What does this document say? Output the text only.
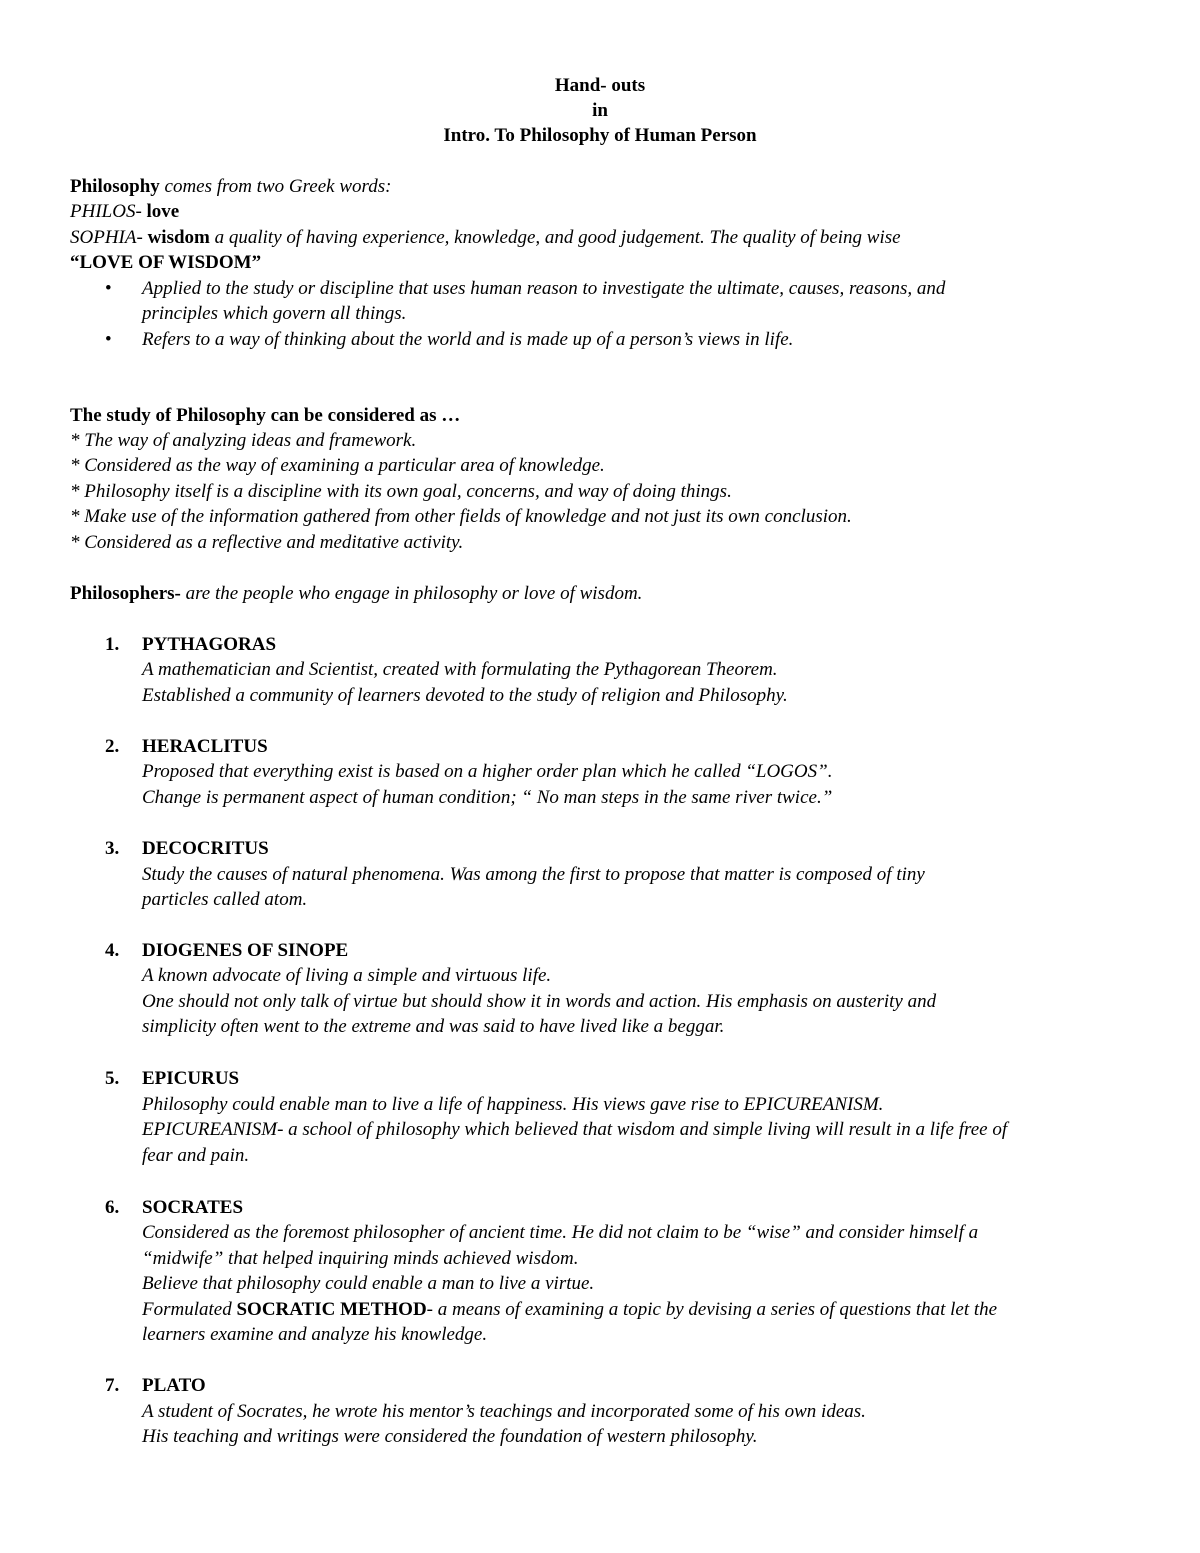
Hand- outs
in
Intro. To Philosophy of Human Person
Philosophy comes from two Greek words:
PHILOS- love
SOPHIA- wisdom a quality of having experience, knowledge, and good judgement. The quality of being wise
“LOVE OF WISDOM”
• Applied to the study or discipline that uses human reason to investigate the ultimate, causes, reasons, and
principles which govern all things.
• Refers to a way of thinking about the world and is made up of a person’s views in life.
The study of Philosophy can be considered as …
* The way of analyzing ideas and framework.
* Considered as the way of examining a particular area of knowledge.
* Philosophy itself is a discipline with its own goal, concerns, and way of doing things.
* Make use of the information gathered from other fields of knowledge and not just its own conclusion.
* Considered as a reflective and meditative activity.
Philosophers- are the people who engage in philosophy or love of wisdom.
1. PYTHAGORAS
A mathematician and Scientist, created with formulating the Pythagorean Theorem.
Established a community of learners devoted to the study of religion and Philosophy.
2. HERACLITUS
Proposed that everything exist is based on a higher order plan which he called “LOGOS”.
Change is permanent aspect of human condition; “ No man steps in the same river twice.”
3. DECOCRITUS
Study the causes of natural phenomena. Was among the first to propose that matter is composed of tiny
particles called atom.
4. DIOGENES OF SINOPE
A known advocate of living a simple and virtuous life.
One should not only talk of virtue but should show it in words and action. His emphasis on austerity and
simplicity often went to the extreme and was said to have lived like a beggar.
5. EPICURUS
Philosophy could enable man to live a life of happiness. His views gave rise to EPICUREANISM.
EPICUREANISM- a school of philosophy which believed that wisdom and simple living will result in a life free of
fear and pain.
6. SOCRATES
Considered as the foremost philosopher of ancient time. He did not claim to be “wise” and consider himself a
“midwife” that helped inquiring minds achieved wisdom.
Believe that philosophy could enable a man to live a virtue.
Formulated SOCRATIC METHOD- a means of examining a topic by devising a series of questions that let the
learners examine and analyze his knowledge.
7. PLATO
A student of Socrates, he wrote his mentor’s teachings and incorporated some of his own ideas.
His teaching and writings were considered the foundation of western philosophy.
